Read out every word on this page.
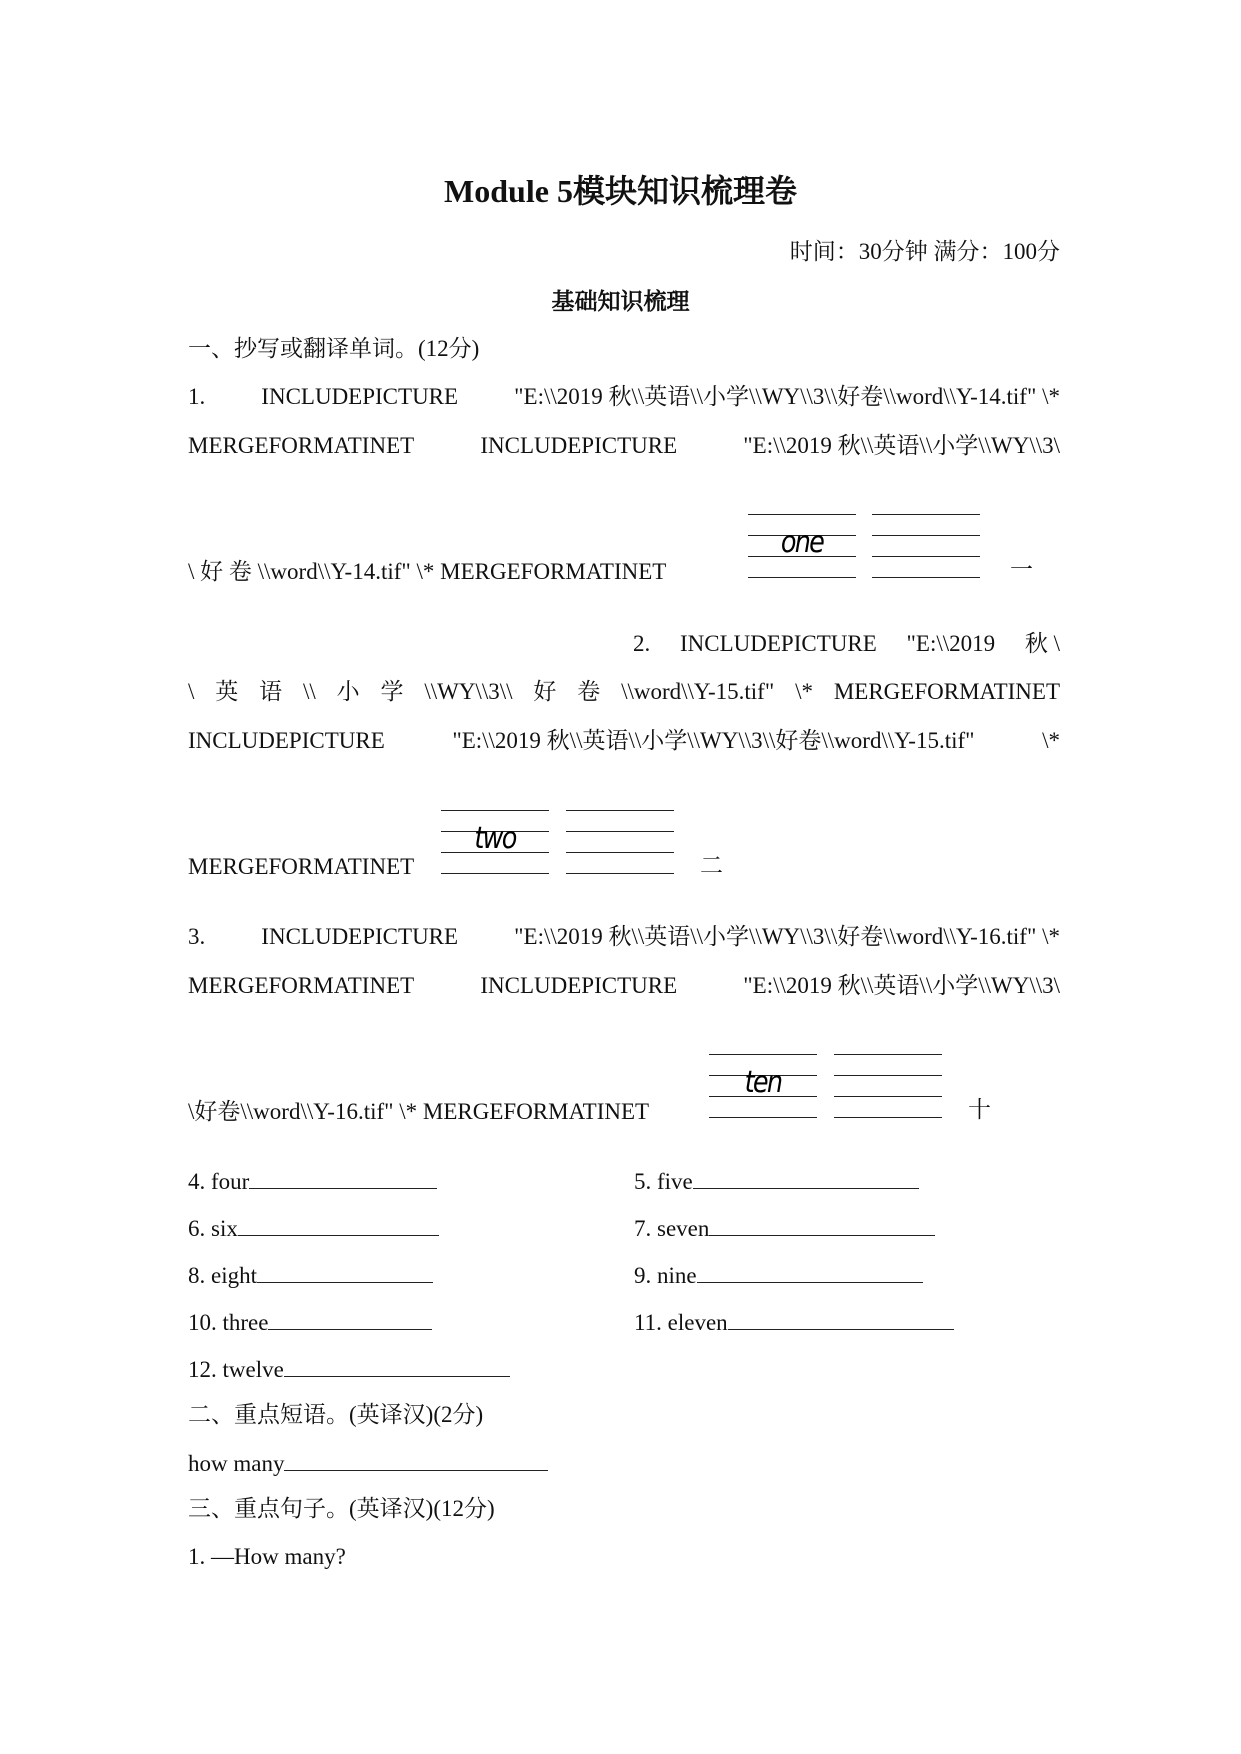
Module 5模块知识梳理卷
时间：30分钟 满分：100分
基础知识梳理
一、抄写或翻译单词。(12分)
1. INCLUDEPICTURE "E:\\2019 秋\\英语\\小学\\WY\\3\\好卷\\word\\Y-14.tif" \*
MERGEFORMATINET	INCLUDEPICTURE	"E:\\2019 秋\\英语\\小学\\WY\\3\
\ 好 卷 \\word\\Y-14.tif" \* MERGEFORMATINET
one
一
2. INCLUDEPICTURE "E:\\2019 秋 \
\ 英 语 \\ 小 学 \\WY\\3\\ 好 卷 \\word\\Y-15.tif" \* MERGEFORMATINET
INCLUDEPICTURE	"E:\\2019 秋\\英语\\小学\\WY\\3\\好卷\\word\\Y-15.tif"	\*
MERGEFORMATINET
two
二
3. INCLUDEPICTURE "E:\\2019 秋\\英语\\小学\\WY\\3\\好卷\\word\\Y-16.tif" \*
MERGEFORMATINET	INCLUDEPICTURE	"E:\\2019 秋\\英语\\小学\\WY\\3\
\好卷\\word\\Y-16.tif" \* MERGEFORMATINET
ten
十
4. four	5. five
6. six	7. seven
8. eight	9. nine
10. three	11. eleven
12. twelve
二、重点短语。(英译汉)(2分)
how many
三、重点句子。(英译汉)(12分)
1. —How many?
